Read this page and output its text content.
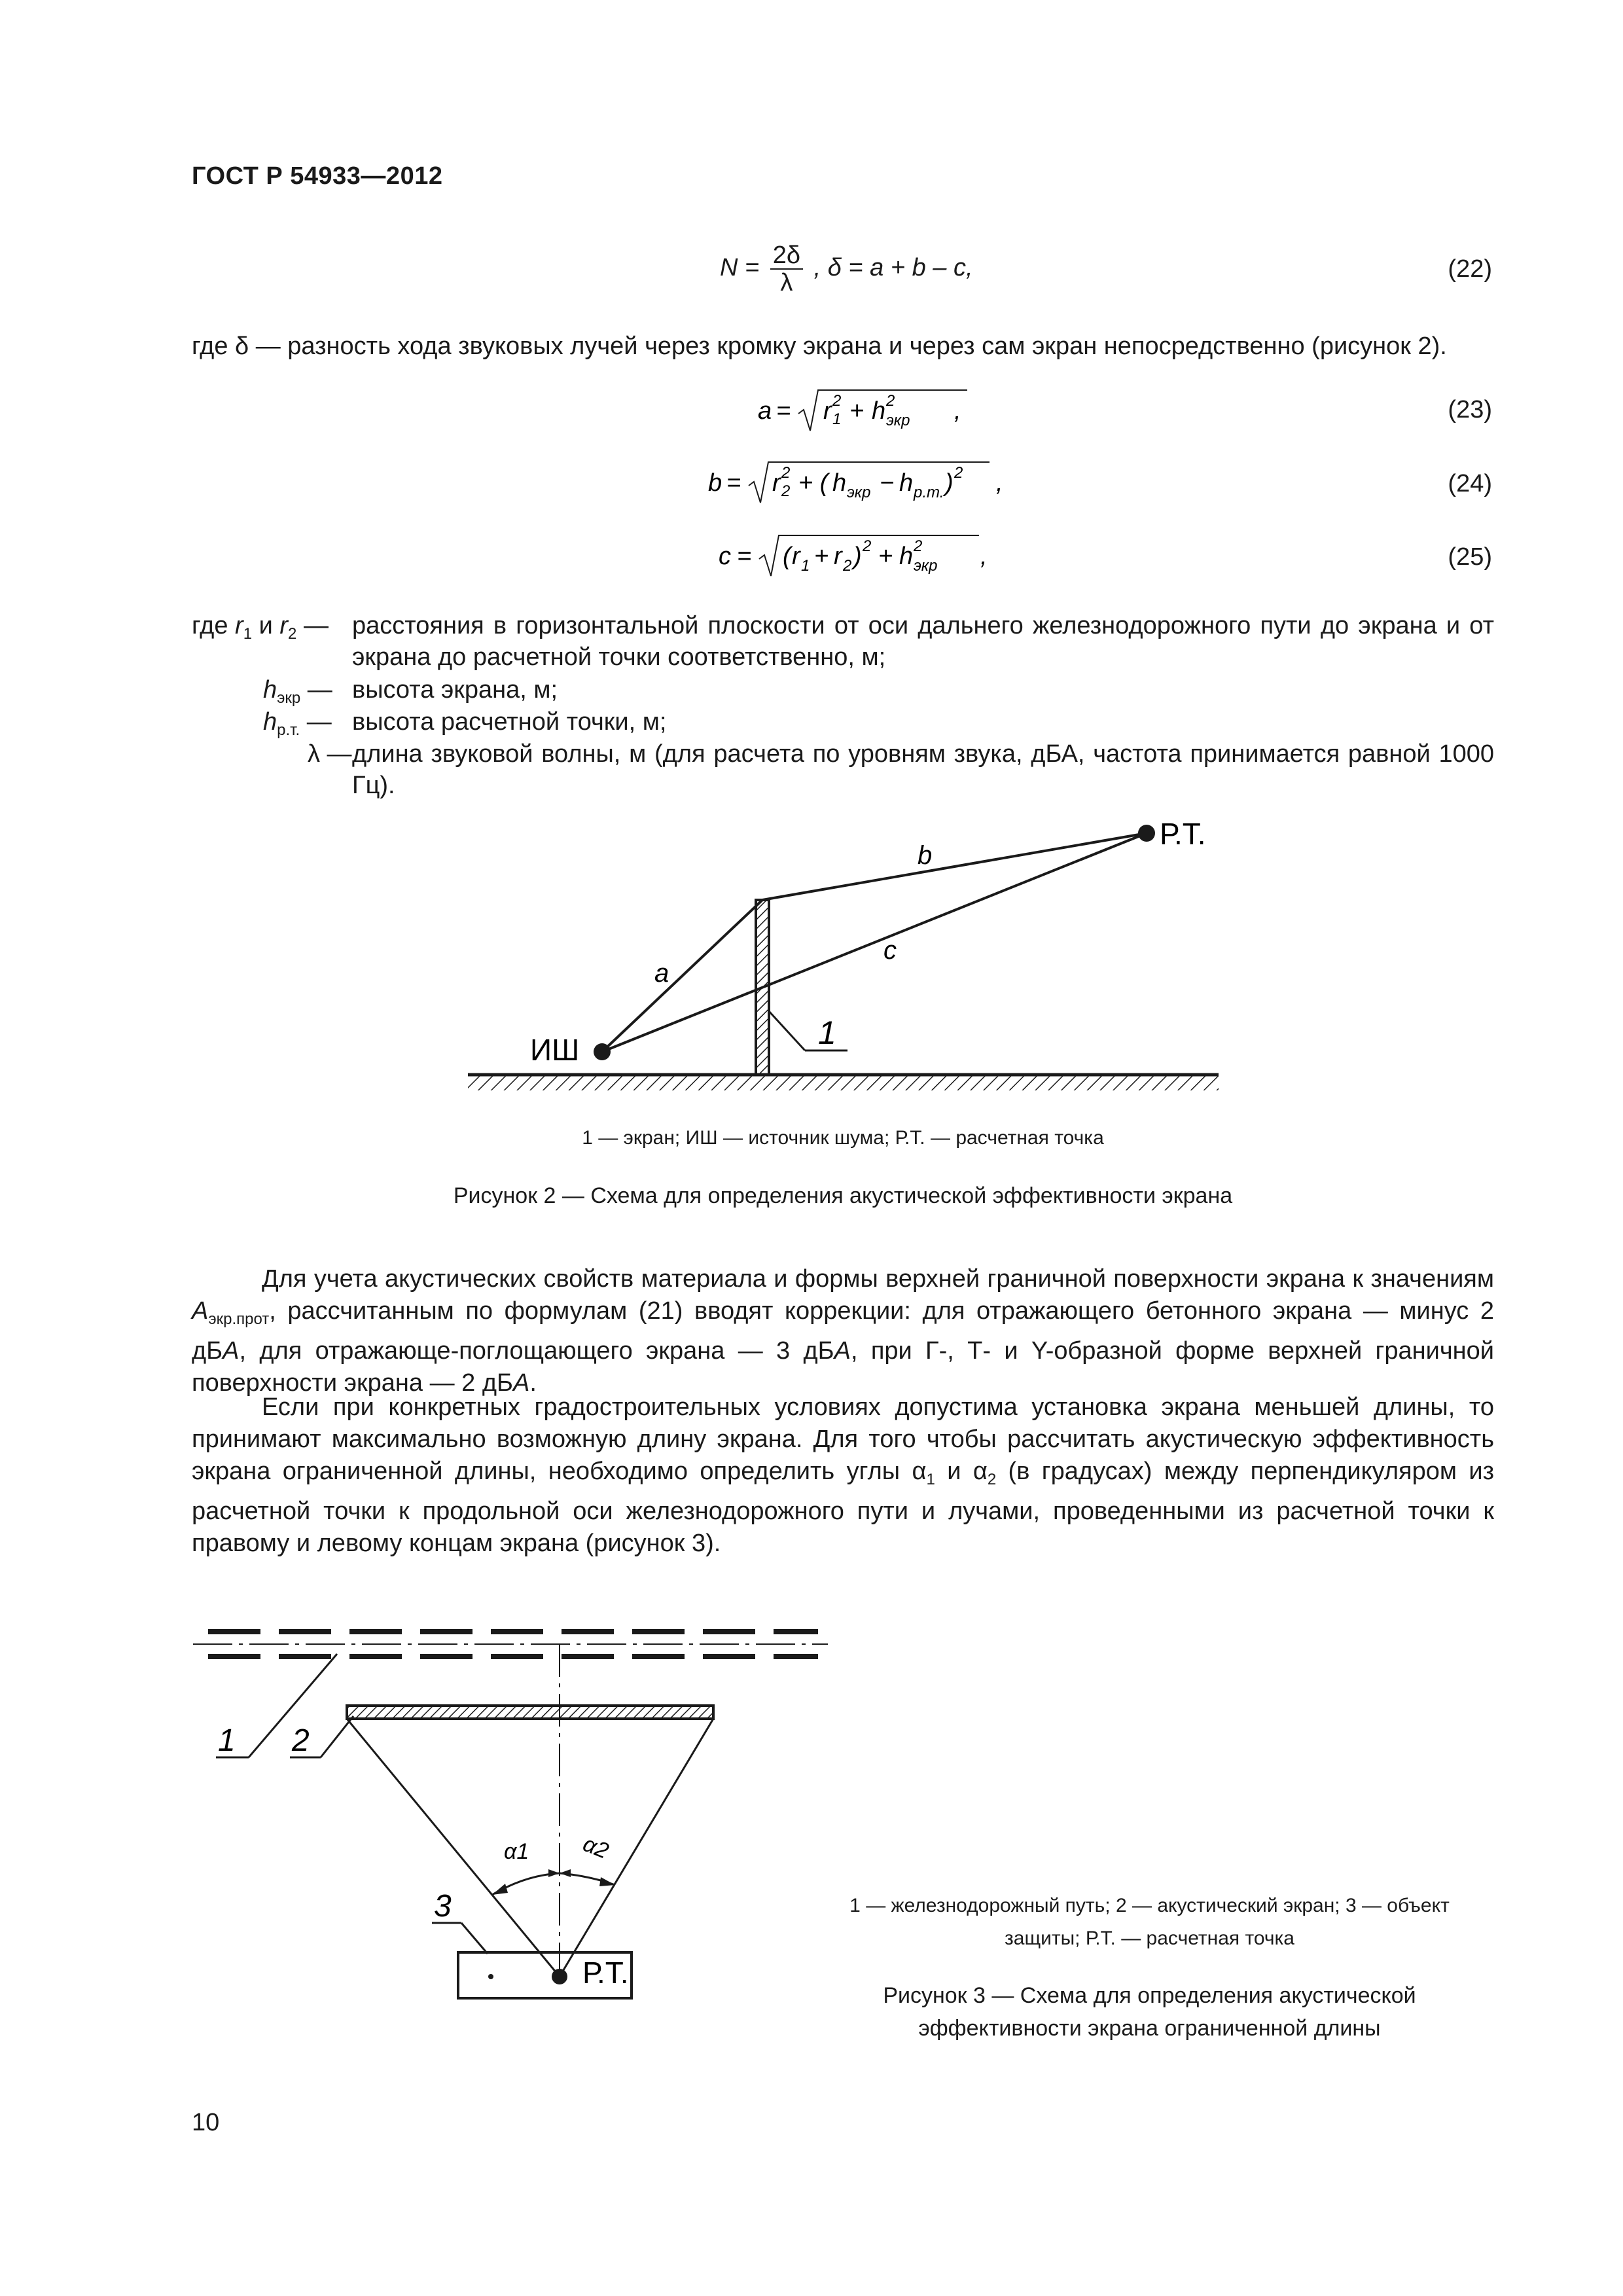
ГОСТ Р 54933—2012
$N = \frac{2\delta}{\lambda}$ , δ = a + b – c,	(22)
где δ — разность хода звуковых лучей через кромку экрана и через сам экран непосредственно (рисунок 2).
a = r 1
2 + h экр
2 ,	(23)
b = r 2
2 + ( h экр − h р.т. ) 2 ,	(24)
c = ( r 1 + r 2 ) 2 + h экр
2 ,	(25)
где $r_1$ и $r_2$ — расстояния в горизонтальной плоскости от оси дальнего железнодорожного пути до экрана и от экрана до расчетной точки соответственно, м;
$h_{экр}$ — высота экрана, м;
$h_{р.т.}$ — высота расчетной точки, м;
λ — длина звуковой волны, м (для расчета по уровням звука, дБА, частота принимается равной 1000 Гц).
b
c
a
Р.Т.
ИШ	1
α1 α2
Р.Т.
1 2
3
1 — экран; ИШ — источник шума; Р.Т. — расчетная точка
Рисунок 2 — Схема для определения акустической эффективности экрана
Для учета акустических свойств материала и формы верхней граничной поверхности экрана к значениям $A_{экр.прот}$, рассчитанным по формулам (21) вводят коррекции: для отражающего бетонного экрана — минус 2 дБА, для отражающе-поглощающего экрана — 3 дБА, при Г-, Т- и Y-образной форме верхней граничной поверхности экрана — 2 дБА.
Если при конкретных градостроительных условиях допустима установка экрана меньшей длины, то принимают максимально возможную длину экрана. Для того чтобы рассчитать акустическую эффективность экрана ограниченной длины, необходимо определить углы $\alpha_1$ и $\alpha_2$ (в градусах) между перпендикуляром из расчетной точки к продольной оси железнодорожного пути и лучами, проведенными из расчетной точки к правому и левому концам экрана (рисунок 3).
1 — железнодорожный путь; 2 — акустический экран; 3 — объект
защиты; Р.Т. — расчетная точка
Рисунок 3 — Схема для определения акустической
эффективности экрана ограниченной длины
10
